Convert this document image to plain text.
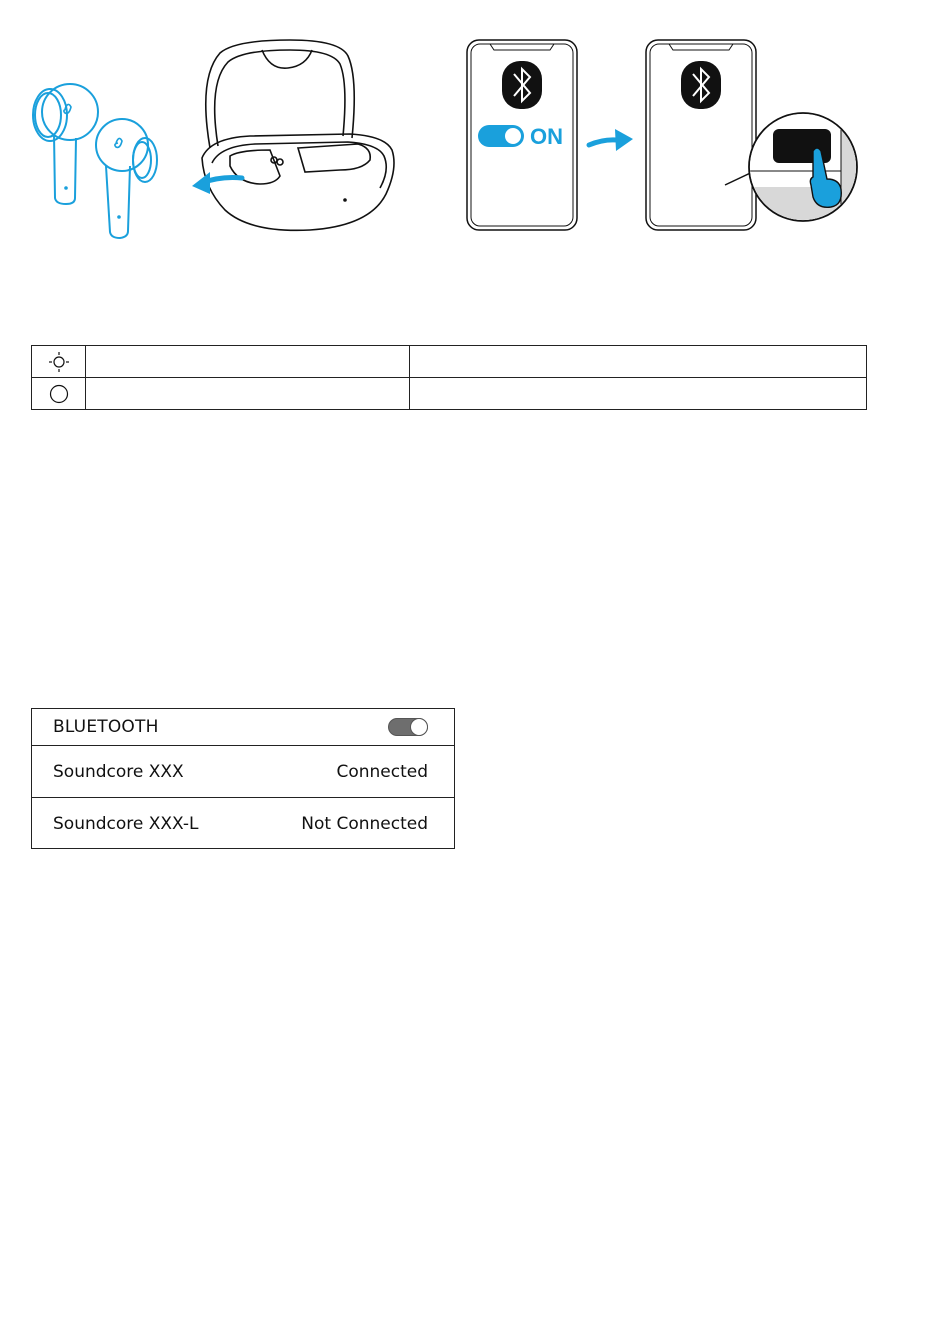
ON

BLUETOOTH
Soundcore XXX	Connected
Soundcore XXX-L	Not Connected
